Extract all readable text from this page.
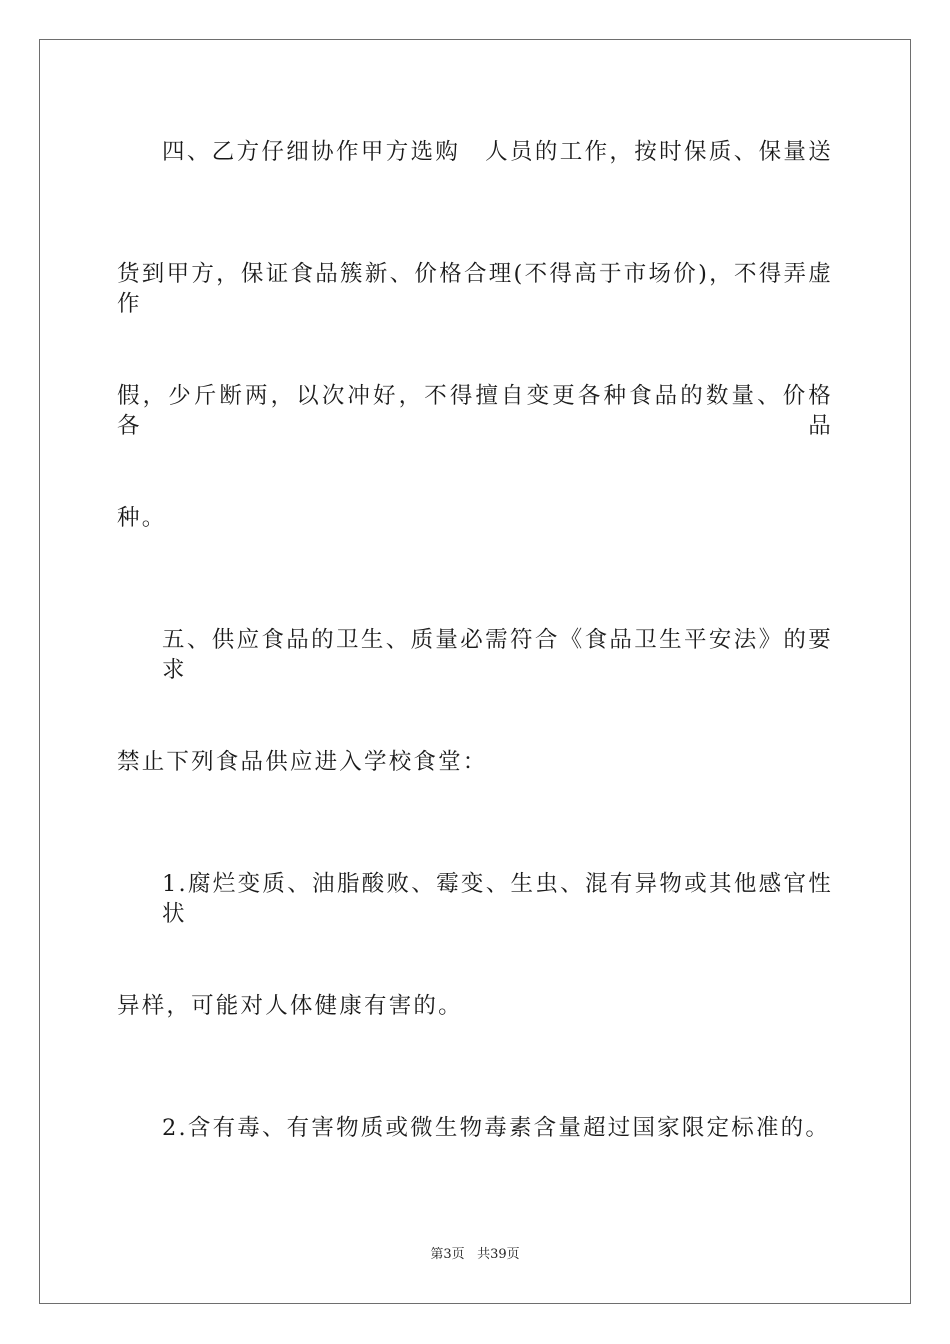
四、乙方仔细协作甲方选购　人员的工作，按时保质、保量送
货到甲方，保证食品簇新、价格合理(不得高于市场价)，不得弄虚作
假，少斤断两，以次冲好，不得擅自变更各种食品的数量、价格各品
种。
五、供应食品的卫生、质量必需符合《食品卫生平安法》的要求
禁止下列食品供应进入学校食堂：
1.腐烂变质、油脂酸败、霉变、生虫、混有异物或其他感官性状
异样，可能对人体健康有害的。
2.含有毒、有害物质或微生物毒素含量超过国家限定标准的。
第3页 共39页
